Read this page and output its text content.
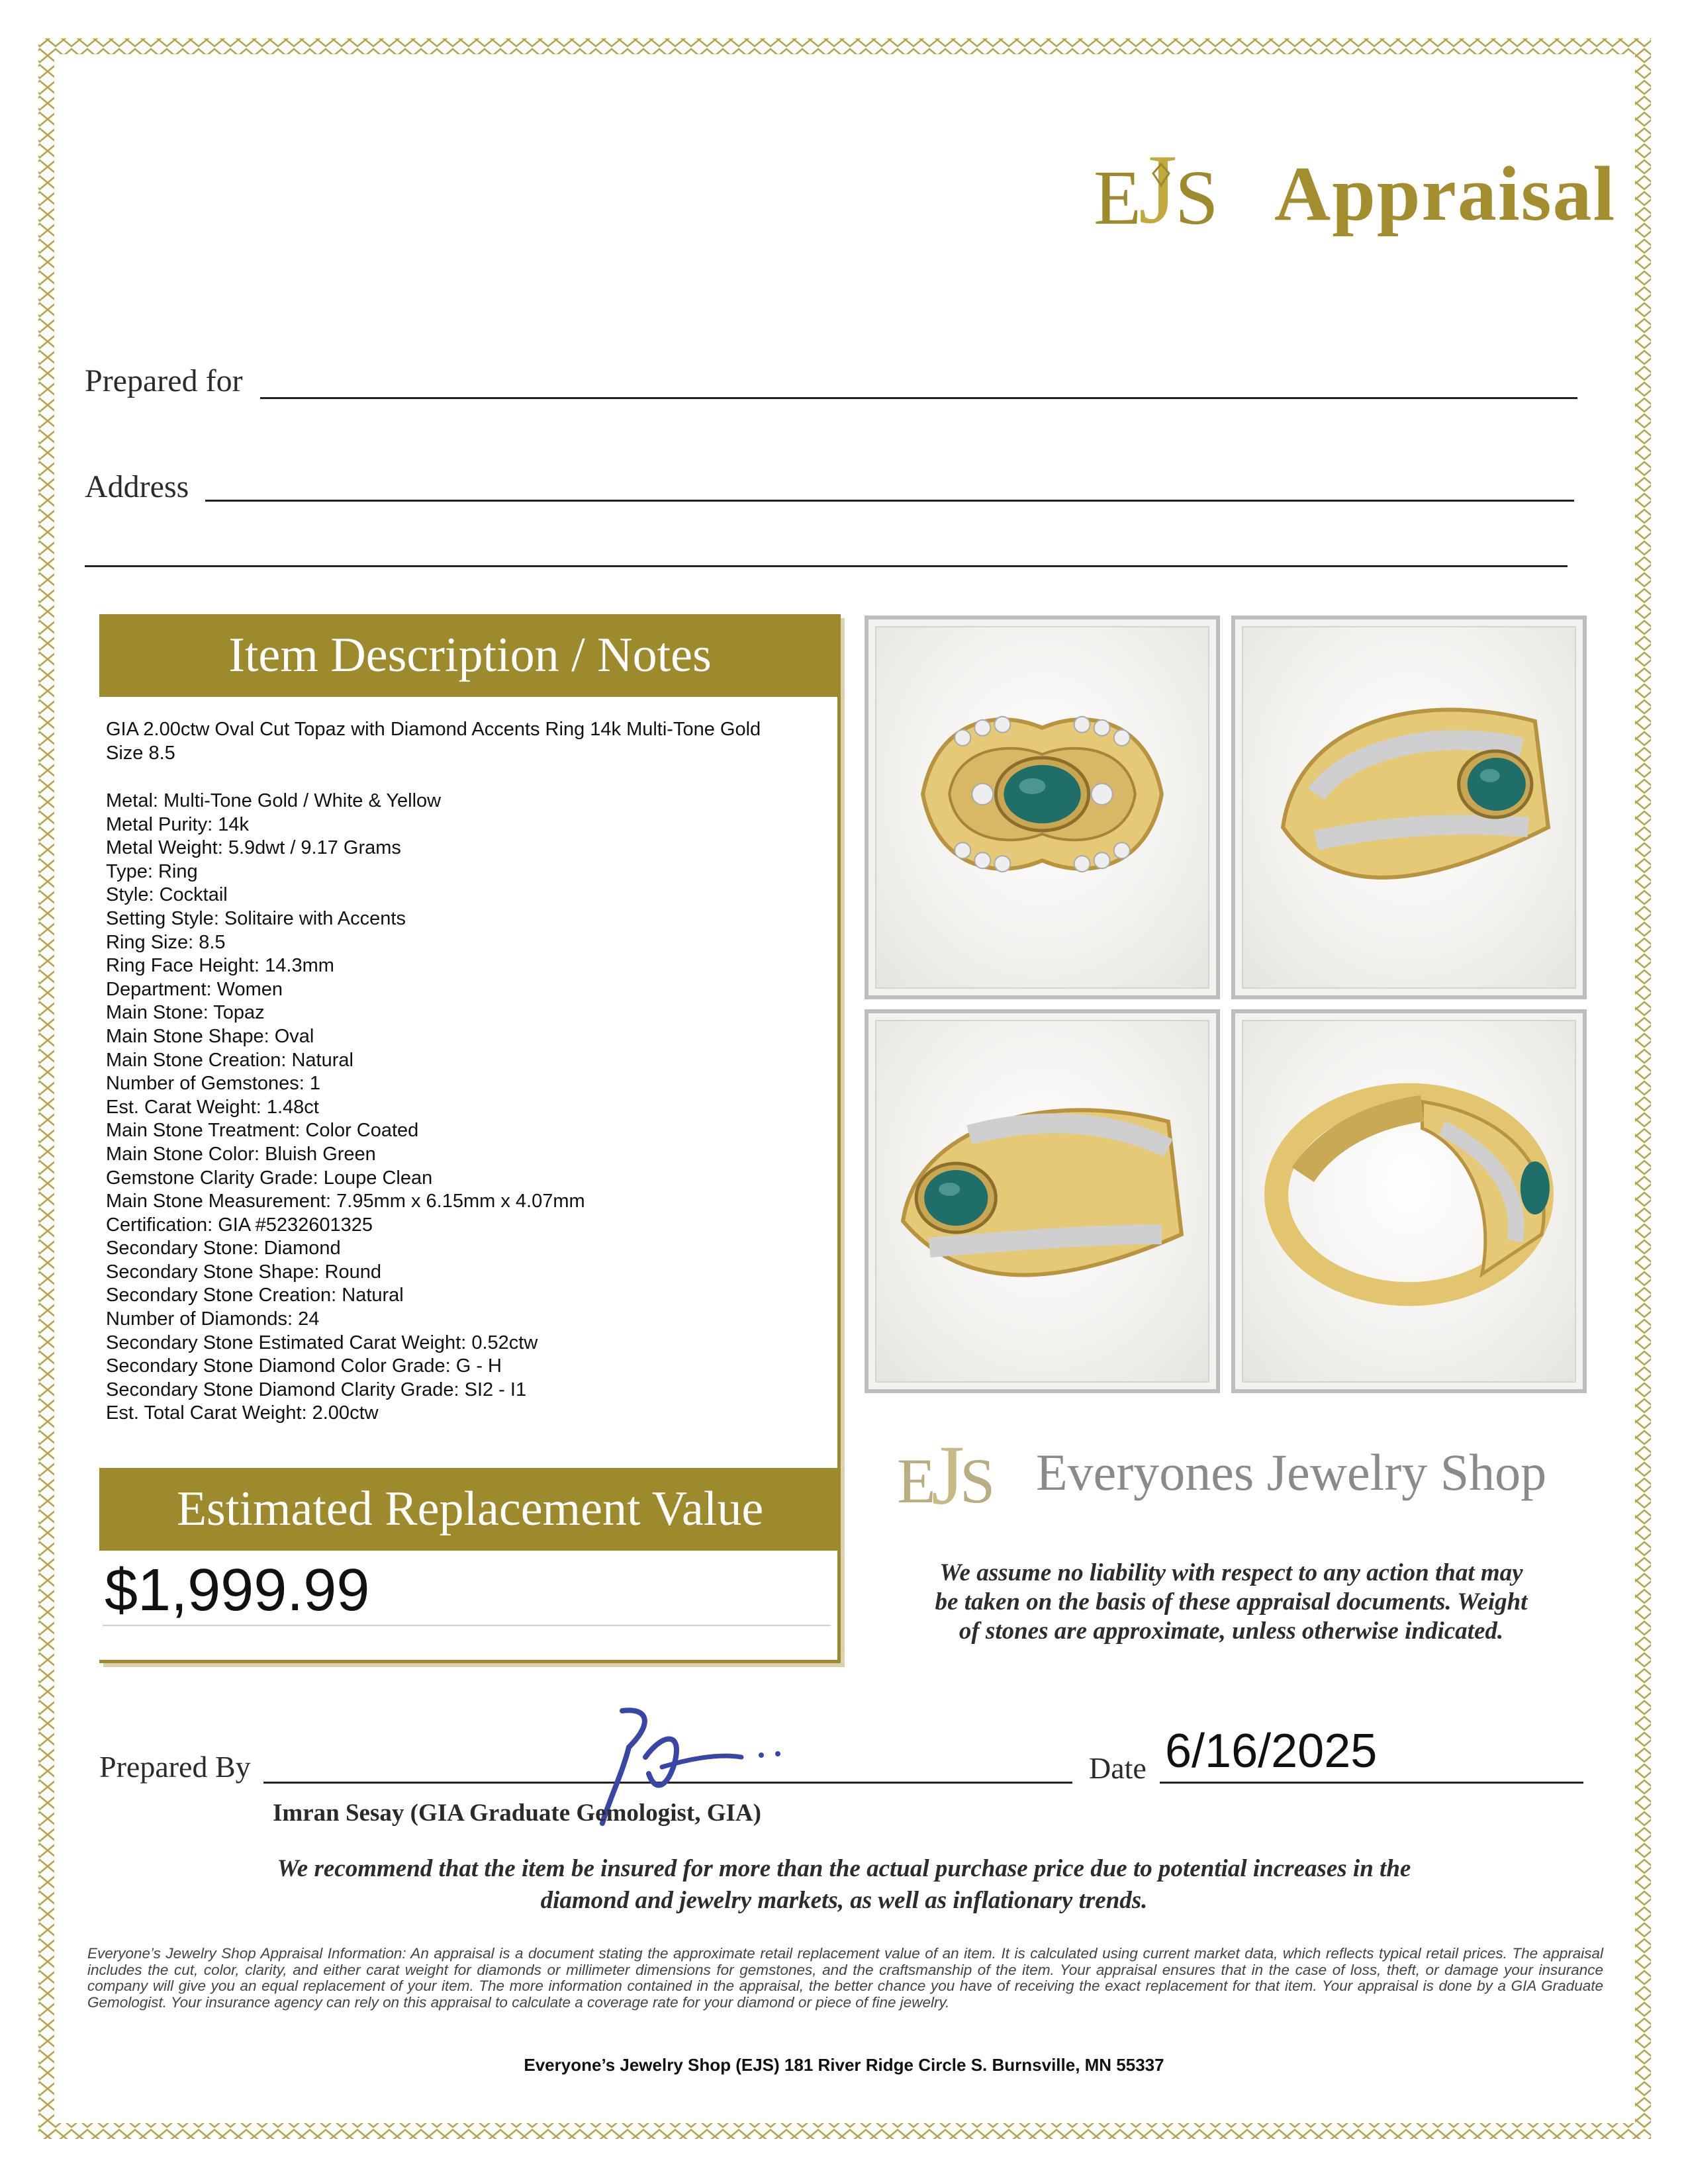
E
J
S Appraisal
Prepared for
Address
Item Description / Notes
GIA 2.00ctw Oval Cut Topaz with Diamond Accents Ring 14k Multi-Tone Gold
Size 8.5
Metal: Multi-Tone Gold / White & Yellow
Metal Purity: 14k
Metal Weight: 5.9dwt / 9.17 Grams
Type: Ring
Style: Cocktail
Setting Style: Solitaire with Accents
Ring Size: 8.5
Ring Face Height: 14.3mm
Department: Women
Main Stone: Topaz
Main Stone Shape: Oval
Main Stone Creation: Natural
Number of Gemstones: 1
Est. Carat Weight: 1.48ct
Main Stone Treatment: Color Coated
Main Stone Color: Bluish Green
Gemstone Clarity Grade: Loupe Clean
Main Stone Measurement: 7.95mm x 6.15mm x 4.07mm
Certification: GIA #5232601325
Secondary Stone: Diamond
Secondary Stone Shape: Round
Secondary Stone Creation: Natural
Number of Diamonds: 24
Secondary Stone Estimated Carat Weight: 0.52ctw
Secondary Stone Diamond Color Grade: G - H
Secondary Stone Diamond Clarity Grade: SI2 - I1
Est. Total Carat Weight: 2.00ctw
Estimated Replacement Value
$1,999.99
E
J
S Everyones Jewelry Shop
We assume no liability with respect to any action that may
be taken on the basis of these appraisal documents. Weight
of stones are approximate, unless otherwise indicated.
Prepared By
Imran Sesay (GIA Graduate Gemologist, GIA)
Date 6/16/2025
We recommend that the item be insured for more than the actual purchase price due to potential increases in the
diamond and jewelry markets, as well as inflationary trends.
Everyone’s Jewelry Shop Appraisal Information: An appraisal is a document stating the approximate retail replacement value of an item. It is calculated using current market data, which reflects typical retail prices. The appraisal includes the cut, color, clarity, and either carat weight for diamonds or millimeter dimensions for gemstones, and the craftsmanship of the item. Your appraisal ensures that in the case of loss, theft, or damage your insurance company will give you an equal replacement of your item. The more information contained in the appraisal, the better chance you have of receiving the exact replacement for that item. Your appraisal is done by a GIA Graduate Gemologist. Your insurance agency can rely on this appraisal to calculate a coverage rate for your diamond or piece of fine jewelry.
Everyone’s Jewelry Shop (EJS) 181 River Ridge Circle S. Burnsville, MN 55337
